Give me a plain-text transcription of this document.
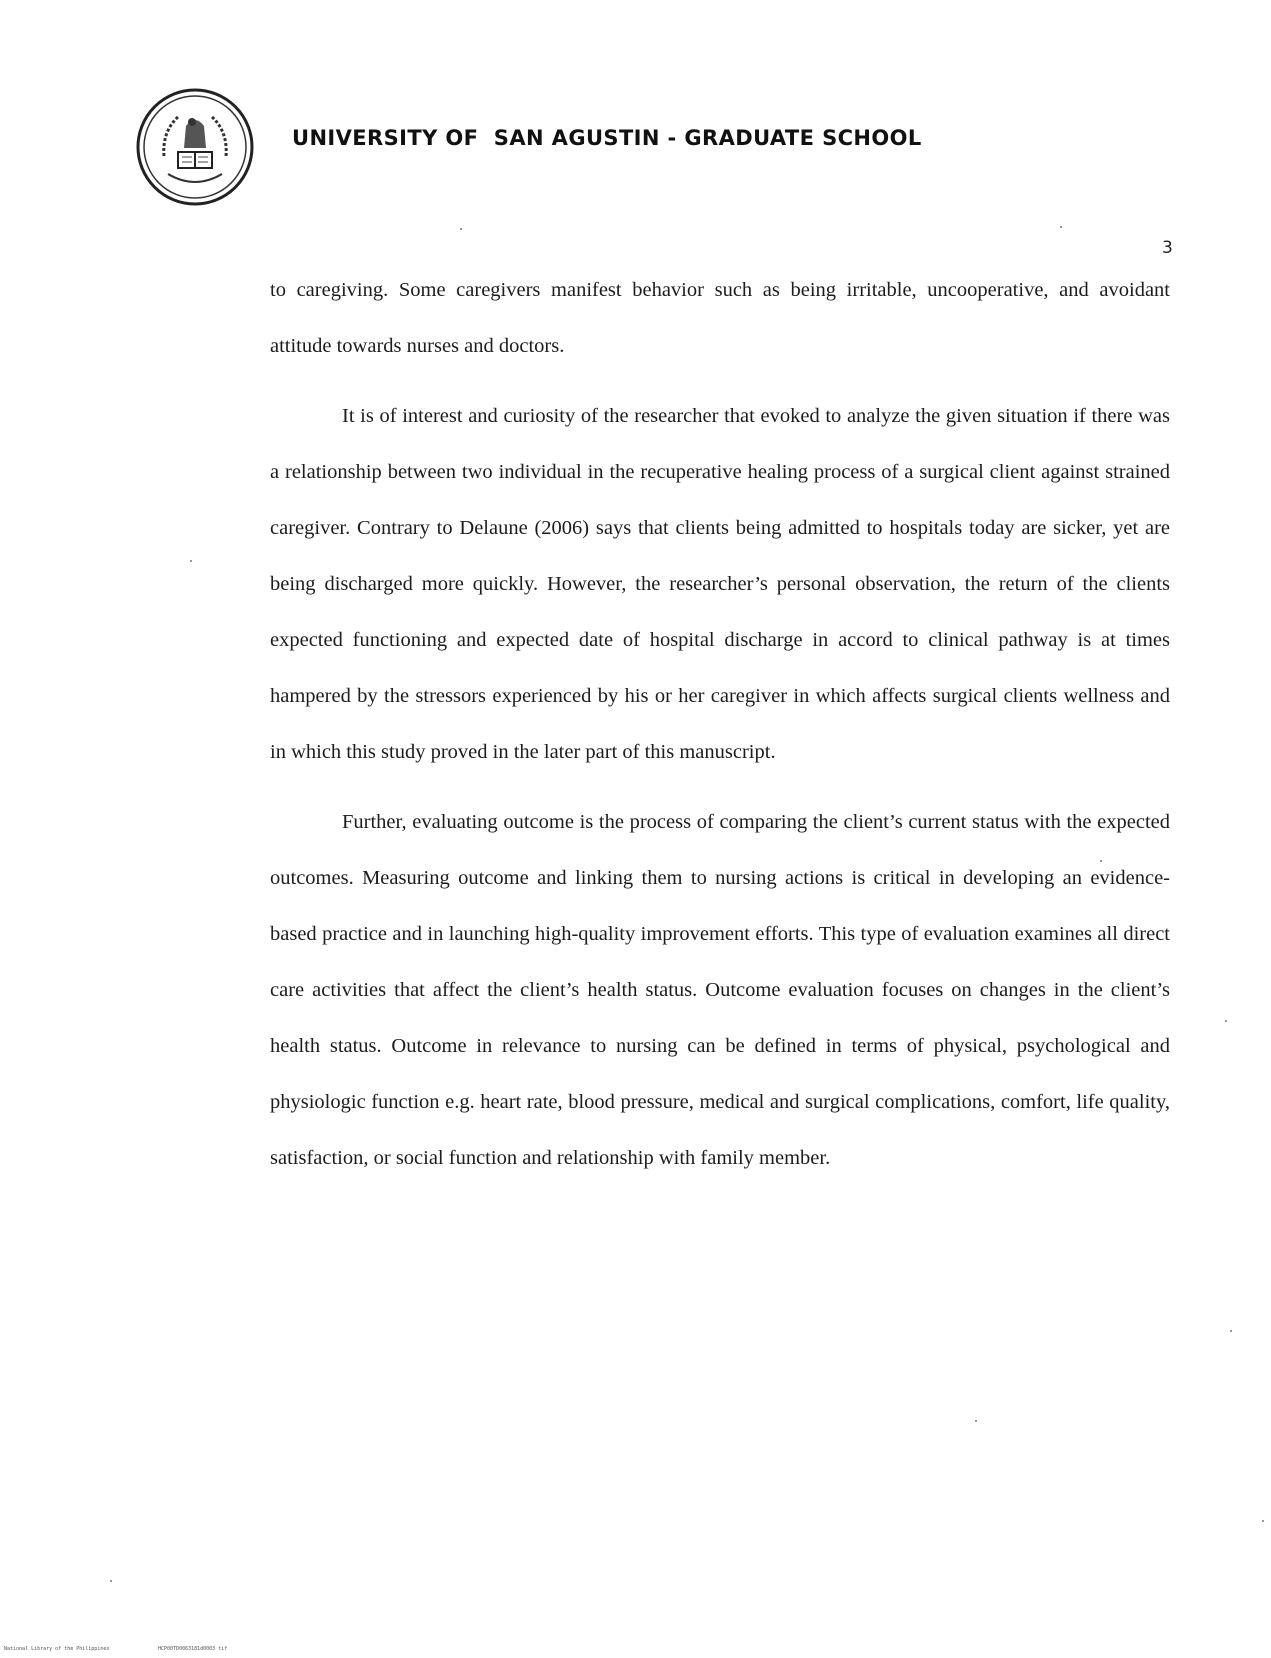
UNIVERSITY OF  SAN AGUSTIN - GRADUATE SCHOOL
3

to caregiving. Some caregivers manifest behavior such as being irritable, uncooperative, and avoidant attitude towards nurses and doctors.

It is of interest and curiosity of the researcher that evoked to analyze the given situation if there was a relationship between two individual in the recuperative healing process of a surgical client against strained caregiver. Contrary to Delaune (2006) says that clients being admitted to hospitals today are sicker, yet are being discharged more quickly. However, the researcher’s personal observation, the return of the clients expected functioning and expected date of hospital discharge in accord to clinical pathway is at times hampered by the stressors experienced by his or her caregiver in which affects surgical clients wellness and in which this study proved in the later part of this manuscript.

Further, evaluating outcome is the process of comparing the client’s current status with the expected outcomes. Measuring outcome and linking them to nursing actions is critical in developing an evidence-based practice and in launching high-quality improvement efforts. This type of evaluation examines all direct care activities that affect the client’s health status. Outcome evaluation focuses on changes in the client’s health status. Outcome in relevance to nursing can be defined in terms of physical, psychological and physiologic function e.g. heart rate, blood pressure, medical and surgical complications, comfort, life quality, satisfaction, or social function and relationship with family member.

National Library of the Philippines	HCP00TD0063181d0003 tif
